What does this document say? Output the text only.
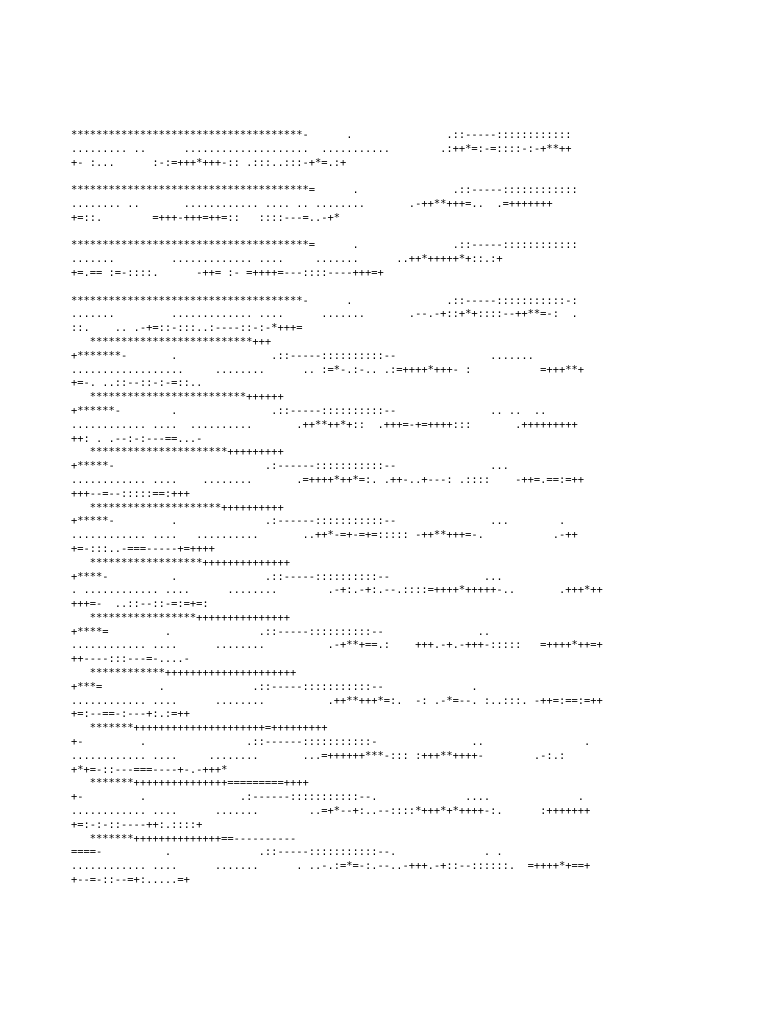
*************************************-      .               .::-----::::::::::::
......... ..      ....................  ...........        .:++*=:-=::::-:-+**++
+- :...      :-:=+++*+++-:: .:::..:::-+*=.:+
**************************************=      .               .::-----::::::::::::
........ ..       ............ .... .. ........       .-++**+++=..  .=+++++++
+=::.        =+++-+++=++=::   ::::---=..-+*
**************************************=      .               .::-----::::::::::::
.......         ............. ....     .......      ..++*+++++*+::.:+
+=.== :=-::::.      -++= :- =++++=---::::----+++=+
*************************************-      .               .::-----:::::::::::-:
.......         ............. ....      .......       .--.-+::+*+::::--++**=-:  .
::.    .. .-+=::-:::..:----::-:-*+++=
**************************+++
+*******-       .               .::-----::::::::::--               .......
..................     ........      .. :=*-.:-.. .:=++++*+++- :           =+++**+
+=-. ..::--::-:-=::..
*************************++++++
+******-        .               .::-----::::::::::--               .. ..  ..
............ ....  ..........       .++**++*+::  .+++=-+=++++:::       .+++++++++
++: . .--:-:---==...-
**********************+++++++++
+*****-                        .:------:::::::::::--               ...
............ ....    ........       .=++++*++*=:. .++-..+---: .::::    -++=.==:=++
+++--=--:::::==:+++
*********************++++++++++
+*****-         .              .:------:::::::::::--               ...        .
............ ....   ..........       ..++*-=+-=+=::::: -++**+++=-.           .-++
+=-:::..-===-----+=++++
******************++++++++++++++
+****-          .              .::-----::::::::::--               ...
. ............ ....      ........        .-+:.-+:.--.::::=++++*+++++-..       .+++*++
+++=-  ..::--::-=:=+=:
*****************+++++++++++++++
+****=         .              .::-----::::::::::--               ..
............ ....      ........          .-+**+==.:    +++.-+.-+++-:::::   =++++*++=+
++----:::---=-....-
************+++++++++++++++++++++
+***=         .              .::-----:::::::::::--              .
............ ....      ........          .++**+++*=:.  -: .-*=--. :..:::. -++=:==:=++
+=:--==-:---+:.:=++
*******+++++++++++++++++++++=+++++++++
+-         .                .::------:::::::::::-               ..                .
............ ....     ........       ...=++++++***-::: :+++**++++-        .-:.:
+*+=-::---===----+-.-+++*
*******+++++++++++++++=========++++
+-         .               .:------:::::::::::--.              ....              .
............ ....      .......        ..=+*--+:..--::::*+++*+*++++-:.      :+++++++
+=:-:-::----++:.::::+
*******++++++++++++++==----------
====-          .              .::-----:::::::::::--.              . .
............ ....      .......      . ..-.:=*=-:.--..-+++.-+::--::::::.  =++++*+==+
+--=-::--=+:.....=+
